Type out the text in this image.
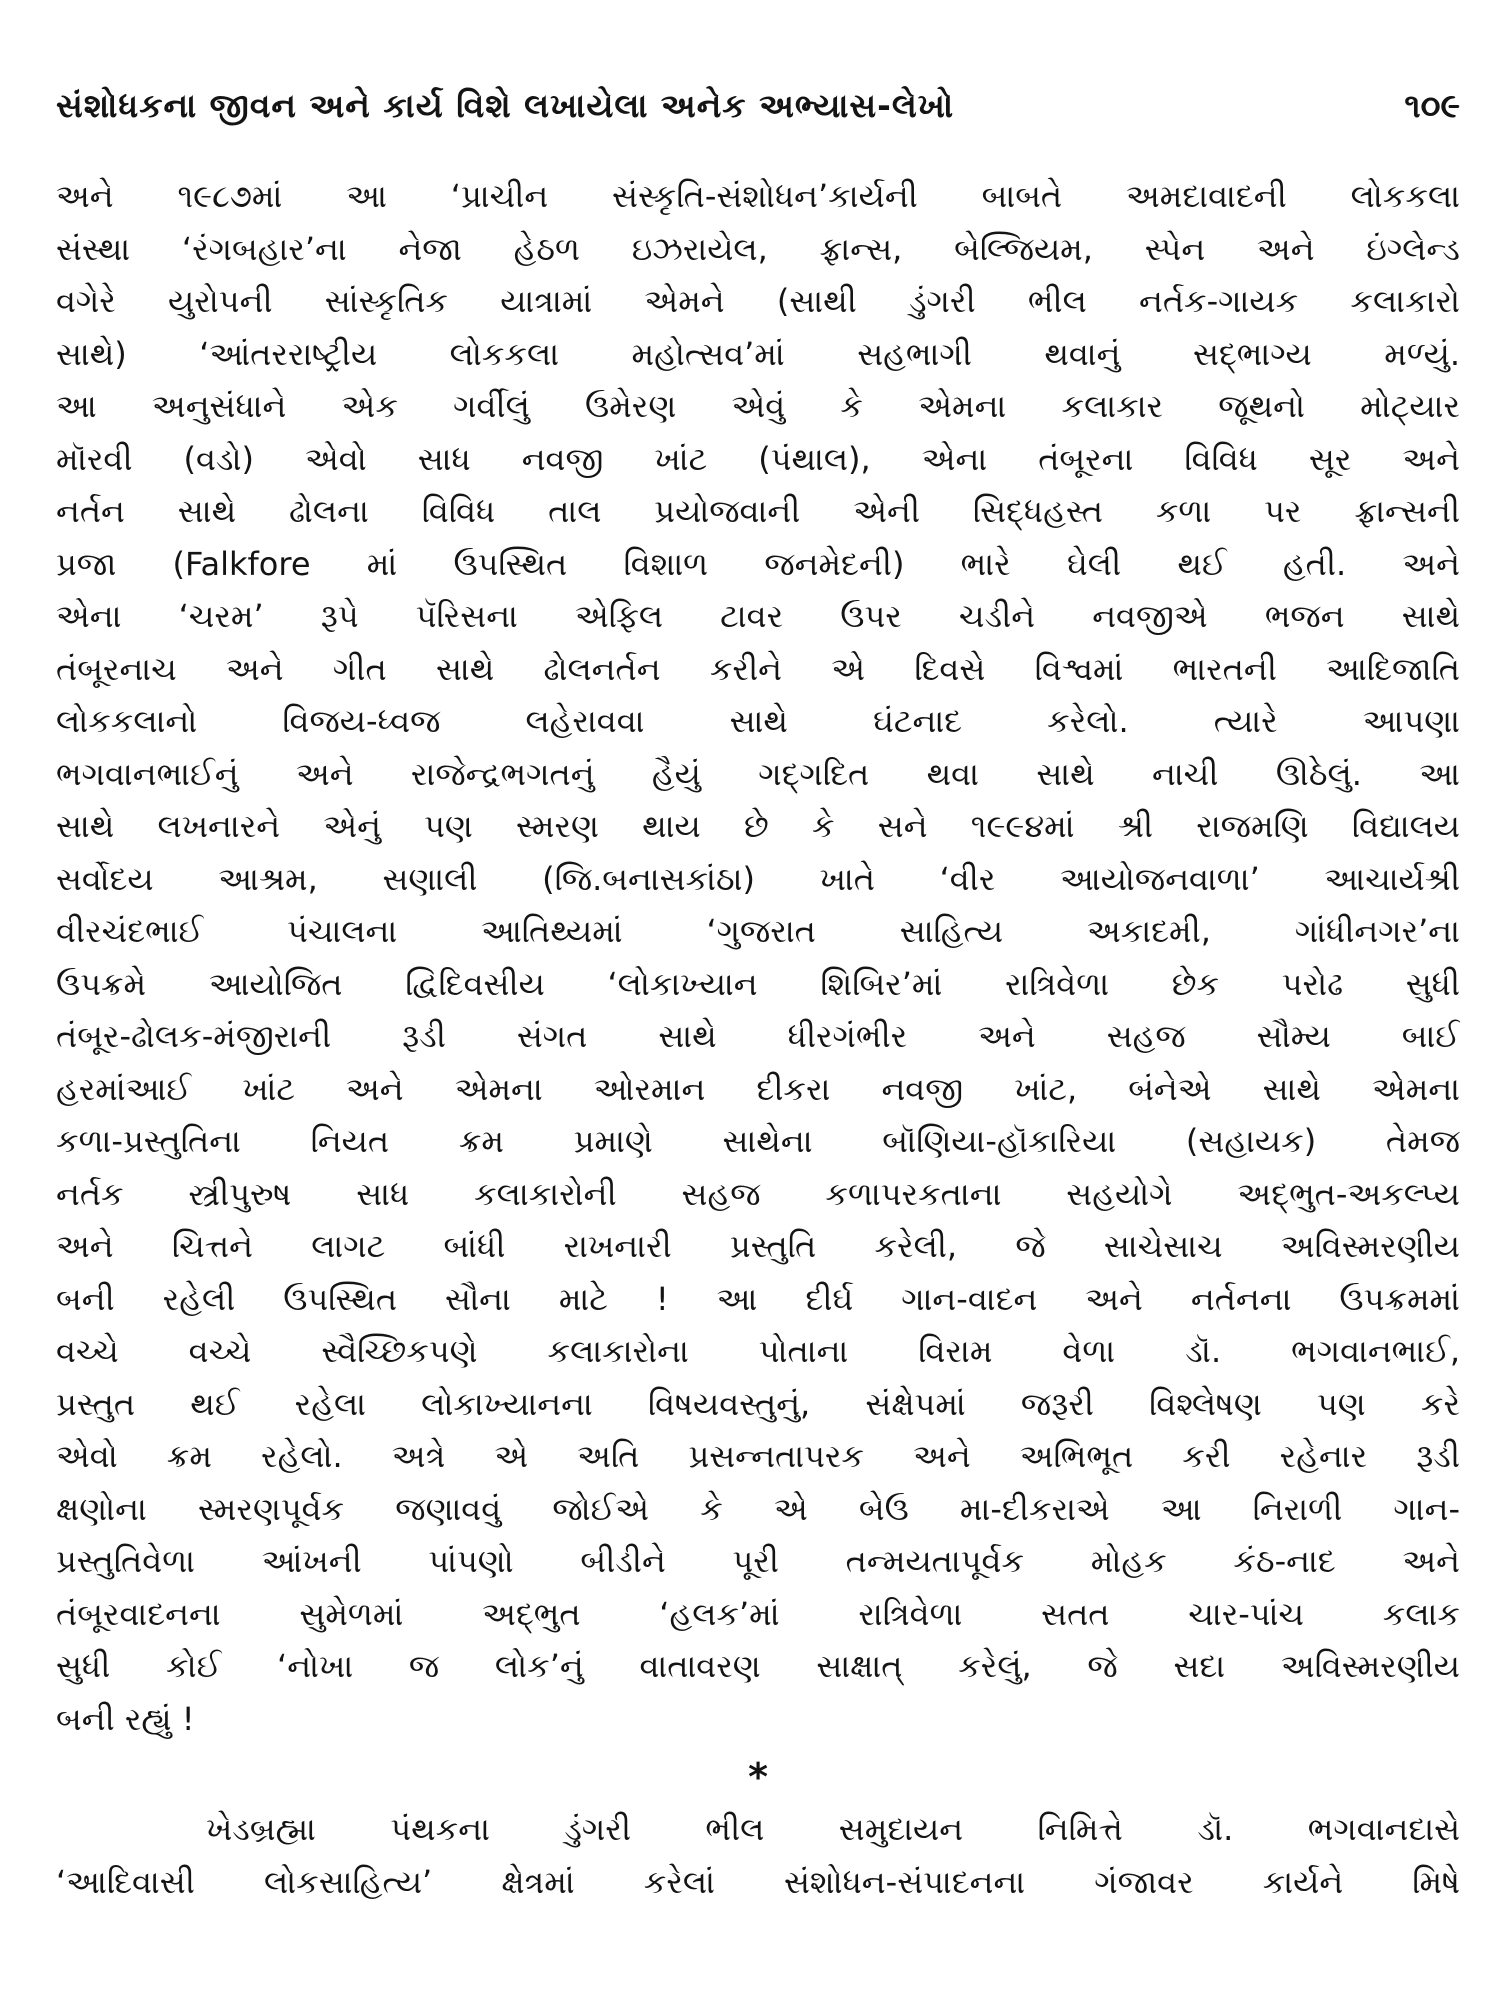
સંશોધકના જીવન અને કાર્ય વિશે લખાયેલા અનેક અભ્યાસ-લેખો	૧૦૯
અને ૧૯૮૭માં આ ‘પ્રાચીન સંસ્કૃતિ-સંશોધન’કાર્યની બાબતે અમદાવાદની લોકકલા
સંસ્થા ‘રંગબહાર’ના નેજા હેઠળ ઇઝરાયેલ, ફ્રાન્સ, બેલ્જિયમ, સ્પેન અને ઇંગ્લેન્ડ
વગેરે યુરોપની સાંસ્કૃતિક યાત્રામાં એમને (સાથી ડુંગરી ભીલ નર્તક-ગાયક કલાકારો
સાથે) ‘આંતરરાષ્ટ્રીય લોકકલા મહોત્સવ’માં સહભાગી થવાનું સદ્ભાગ્ય મળ્યું.
આ અનુસંધાને એક ગર્વીલું ઉમેરણ એવું કે એમના કલાકાર જૂથનો મોટ્યાર
મૉરવી (વડો) એવો સાધ નવજી ખાંટ (પંથાલ), એના તંબૂરના વિવિધ સૂર અને
નર્તન સાથે ઢોલના વિવિધ તાલ પ્રયોજવાની એની સિદ્ધહસ્ત કળા પર ફ્રાન્સની
પ્રજા (Falkfore માં ઉપસ્થિત વિશાળ જનમેદની) ભારે ઘેલી થઈ હતી. અને
એના ‘ચરમ’ રૂપે પૅરિસના એફિલ ટાવર ઉપર ચડીને નવજીએ ભજન સાથે
તંબૂરનાચ અને ગીત સાથે ઢોલનર્તન કરીને એ દિવસે વિશ્વમાં ભારતની આદિજાતિ
લોકકલાનો વિજય-ધ્વજ લહેરાવવા સાથે ઘંટનાદ કરેલો. ત્યારે આપણા
ભગવાનભાઈનું અને રાજેન્દ્રભગતનું હૈયું ગદ્ગદિત થવા સાથે નાચી ઊઠેલું. આ
સાથે લખનારને એનું પણ સ્મરણ થાય છે કે સને ૧૯૯૪માં શ્રી રાજમણિ વિદ્યાલય
સર્વોદય આશ્રમ, સણાલી (જિ.બનાસકાંઠા) ખાતે ‘વીર આયોજનવાળા’ આચાર્યશ્રી
વીરચંદભાઈ પંચાલના આતિથ્યમાં ‘ગુજરાત સાહિત્ય અકાદમી, ગાંધીનગર’ના
ઉપક્રમે આયોજિત દ્વિદિવસીય ‘લોકાખ્યાન શિબિર’માં રાત્રિવેળા છેક પરોઢ સુધી
તંબૂર-ઢોલક-મંજીરાની રૂડી સંગત સાથે ધીરગંભીર અને સહજ સૌમ્ય બાઈ
હરમાંઆઈ ખાંટ અને એમના ઓરમાન દીકરા નવજી ખાંટ, બંનેએ સાથે એમના
કળા-પ્રસ્તુતિના નિયત ક્રમ પ્રમાણે સાથેના બૉણિયા-હૉકારિયા (સહાયક) તેમજ
નર્તક સ્ત્રીપુરુષ સાધ કલાકારોની સહજ કળાપરકતાના સહયોગે અદ્ભુત-અકલ્પ્ય
અને ચિત્તને લાગટ બાંધી રાખનારી પ્રસ્તુતિ કરેલી, જે સાચેસાચ અવિસ્મરણીય
બની રહેલી ઉપસ્થિત સૌના માટે ! આ દીર્ઘ ગાન-વાદન અને નર્તનના ઉપક્રમમાં
વચ્ચે વચ્ચે સ્વૈચ્છિકપણે કલાકારોના પોતાના વિરામ વેળા ડૉ. ભગવાનભાઈ,
પ્રસ્તુત થઈ રહેલા લોકાખ્યાનના વિષયવસ્તુનું, સંક્ષેપમાં જરૂરી વિશ્લેષણ પણ કરે
એવો ક્રમ રહેલો. અત્રે એ અતિ પ્રસન્નતાપરક અને અભિભૂત કરી રહેનાર રૂડી
ક્ષણોના સ્મરણપૂર્વક જણાવવું જોઈએ કે એ બેઉ મા-દીકરાએ આ નિરાળી ગાન-
પ્રસ્તુતિવેળા આંખની પાંપણો બીડીને પૂરી તન્મયતાપૂર્વક મોહક કંઠ-નાદ અને
તંબૂરવાદનના સુમેળમાં અદ્ભુત ‘હલક’માં રાત્રિવેળા સતત ચાર-પાંચ કલાક
સુધી કોઈ ‘નોખા જ લોક’નું વાતાવરણ સાક્ષાત્ કરેલું, જે સદા અવિસ્મરણીય
બની રહ્યું !
*
ખેડબ્રહ્મા પંથકના ડુંગરી ભીલ સમુદાયન નિમિત્તે ડૉ. ભગવાનદાસે
‘આદિવાસી લોકસાહિત્ય’ ક્ષેત્રમાં કરેલાં સંશોધન-સંપાદનના ગંજાવર કાર્યને મિષે
